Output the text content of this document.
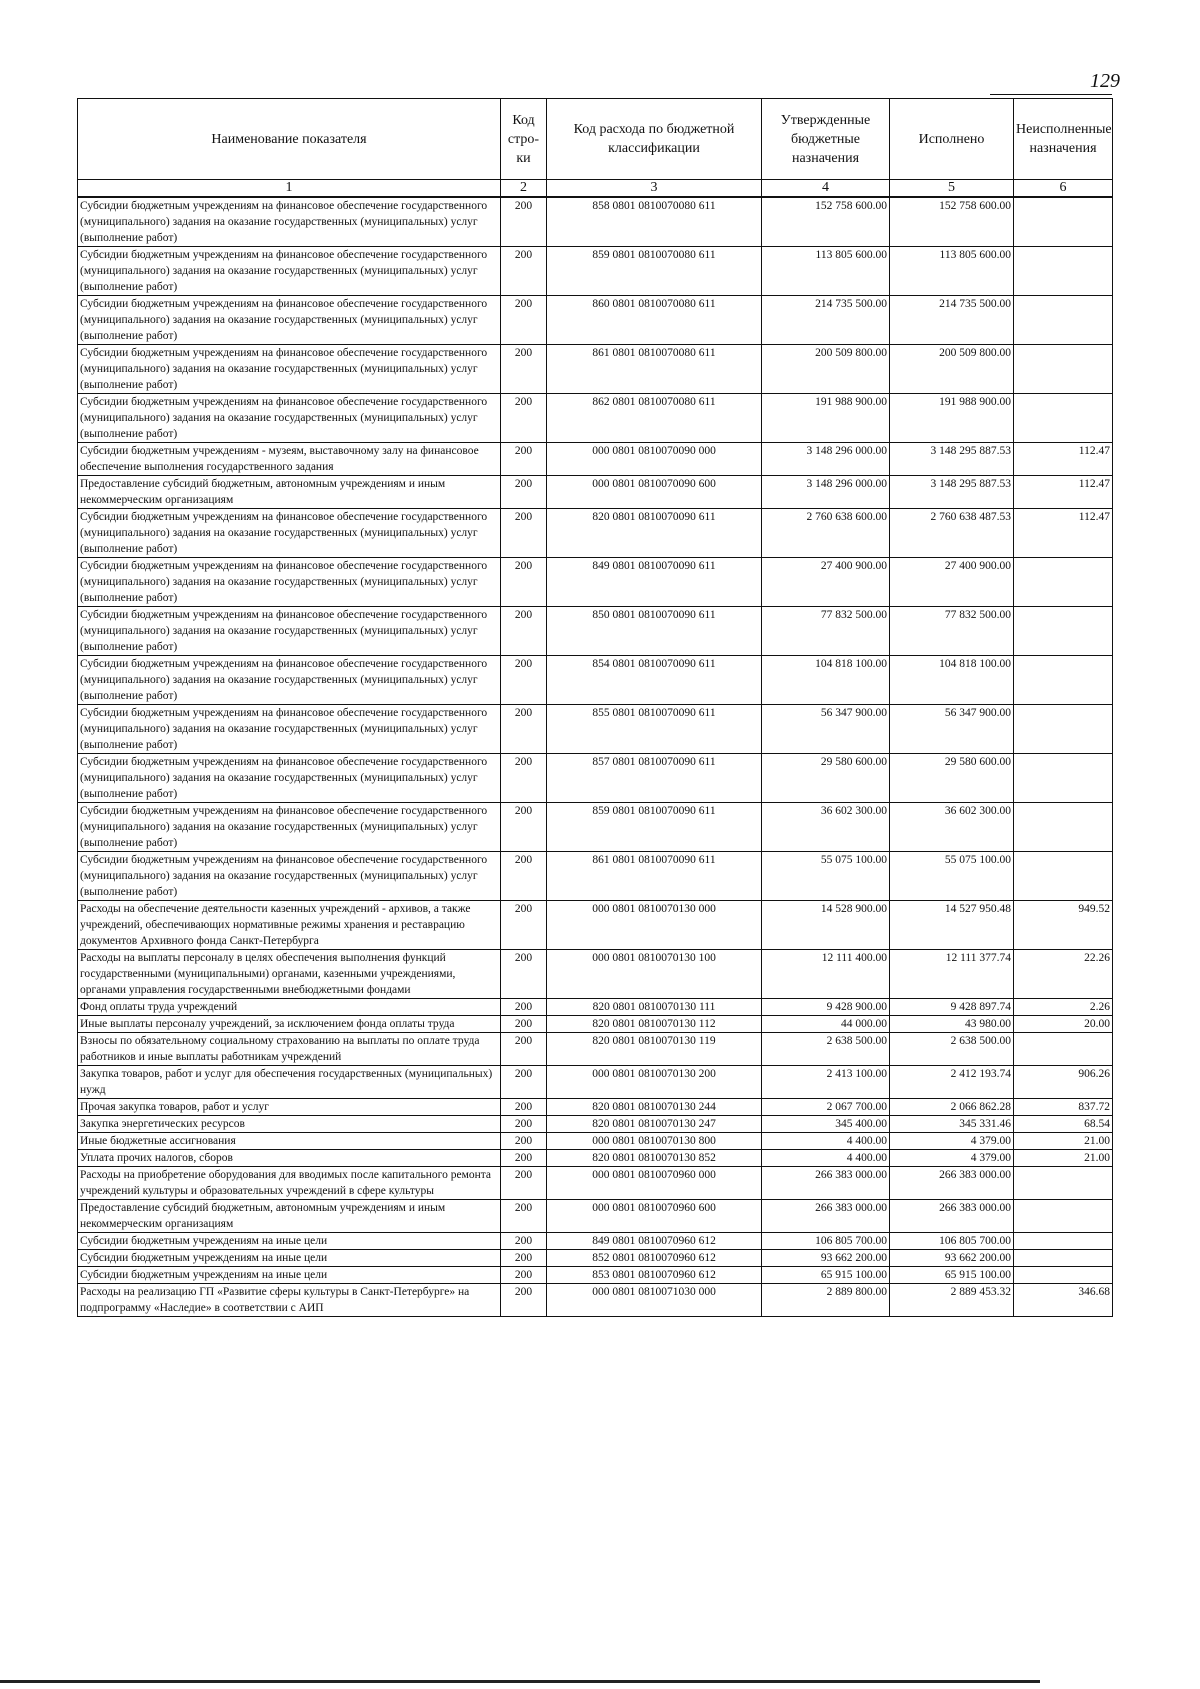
129
Наименование показателя	Код стро-ки	Код расхода по бюджетной классификации	Утвержденные бюджетные назначения	Исполнено	Неисполненные назначения
1	2	3	4	5	6
Субсидии бюджетным учреждениям на финансовое обеспечение государственного (муниципального) задания на оказание государственных (муниципальных) услуг (выполнение работ)	200	858 0801 0810070080 611	152 758 600.00	152 758 600.00	
Субсидии бюджетным учреждениям на финансовое обеспечение государственного (муниципального) задания на оказание государственных (муниципальных) услуг (выполнение работ)	200	859 0801 0810070080 611	113 805 600.00	113 805 600.00	
Субсидии бюджетным учреждениям на финансовое обеспечение государственного (муниципального) задания на оказание государственных (муниципальных) услуг (выполнение работ)	200	860 0801 0810070080 611	214 735 500.00	214 735 500.00	
Субсидии бюджетным учреждениям на финансовое обеспечение государственного (муниципального) задания на оказание государственных (муниципальных) услуг (выполнение работ)	200	861 0801 0810070080 611	200 509 800.00	200 509 800.00	
Субсидии бюджетным учреждениям на финансовое обеспечение государственного (муниципального) задания на оказание государственных (муниципальных) услуг (выполнение работ)	200	862 0801 0810070080 611	191 988 900.00	191 988 900.00	
Субсидии бюджетным учреждениям - музеям, выставочному залу на финансовое обеспечение выполнения государственного задания	200	000 0801 0810070090 000	3 148 296 000.00	3 148 295 887.53	112.47
Предоставление субсидий бюджетным, автономным учреждениям и иным некоммерческим организациям	200	000 0801 0810070090 600	3 148 296 000.00	3 148 295 887.53	112.47
Субсидии бюджетным учреждениям на финансовое обеспечение государственного (муниципального) задания на оказание государственных (муниципальных) услуг (выполнение работ)	200	820 0801 0810070090 611	2 760 638 600.00	2 760 638 487.53	112.47
Субсидии бюджетным учреждениям на финансовое обеспечение государственного (муниципального) задания на оказание государственных (муниципальных) услуг (выполнение работ)	200	849 0801 0810070090 611	27 400 900.00	27 400 900.00	
Субсидии бюджетным учреждениям на финансовое обеспечение государственного (муниципального) задания на оказание государственных (муниципальных) услуг (выполнение работ)	200	850 0801 0810070090 611	77 832 500.00	77 832 500.00	
Субсидии бюджетным учреждениям на финансовое обеспечение государственного (муниципального) задания на оказание государственных (муниципальных) услуг (выполнение работ)	200	854 0801 0810070090 611	104 818 100.00	104 818 100.00	
Субсидии бюджетным учреждениям на финансовое обеспечение государственного (муниципального) задания на оказание государственных (муниципальных) услуг (выполнение работ)	200	855 0801 0810070090 611	56 347 900.00	56 347 900.00	
Субсидии бюджетным учреждениям на финансовое обеспечение государственного (муниципального) задания на оказание государственных (муниципальных) услуг (выполнение работ)	200	857 0801 0810070090 611	29 580 600.00	29 580 600.00	
Субсидии бюджетным учреждениям на финансовое обеспечение государственного (муниципального) задания на оказание государственных (муниципальных) услуг (выполнение работ)	200	859 0801 0810070090 611	36 602 300.00	36 602 300.00	
Субсидии бюджетным учреждениям на финансовое обеспечение государственного (муниципального) задания на оказание государственных (муниципальных) услуг (выполнение работ)	200	861 0801 0810070090 611	55 075 100.00	55 075 100.00	
Расходы на обеспечение деятельности казенных учреждений - архивов, а также учреждений, обеспечивающих нормативные режимы хранения и реставрацию документов Архивного фонда Санкт-Петербурга	200	000 0801 0810070130 000	14 528 900.00	14 527 950.48	949.52
Расходы на выплаты персоналу в целях обеспечения выполнения функций государственными (муниципальными) органами, казенными учреждениями, органами управления государственными внебюджетными фондами	200	000 0801 0810070130 100	12 111 400.00	12 111 377.74	22.26
Фонд оплаты труда учреждений	200	820 0801 0810070130 111	9 428 900.00	9 428 897.74	2.26
Иные выплаты персоналу учреждений, за исключением фонда оплаты труда	200	820 0801 0810070130 112	44 000.00	43 980.00	20.00
Взносы по обязательному социальному страхованию на выплаты по оплате труда работников и иные выплаты работникам учреждений	200	820 0801 0810070130 119	2 638 500.00	2 638 500.00	
Закупка товаров, работ и услуг для обеспечения государственных (муниципальных) нужд	200	000 0801 0810070130 200	2 413 100.00	2 412 193.74	906.26
Прочая закупка товаров, работ и услуг	200	820 0801 0810070130 244	2 067 700.00	2 066 862.28	837.72
Закупка энергетических ресурсов	200	820 0801 0810070130 247	345 400.00	345 331.46	68.54
Иные бюджетные ассигнования	200	000 0801 0810070130 800	4 400.00	4 379.00	21.00
Уплата прочих налогов, сборов	200	820 0801 0810070130 852	4 400.00	4 379.00	21.00
Расходы на приобретение оборудования для вводимых после капитального ремонта учреждений культуры и образовательных учреждений в сфере культуры	200	000 0801 0810070960 000	266 383 000.00	266 383 000.00	
Предоставление субсидий бюджетным, автономным учреждениям и иным некоммерческим организациям	200	000 0801 0810070960 600	266 383 000.00	266 383 000.00	
Субсидии бюджетным учреждениям на иные цели	200	849 0801 0810070960 612	106 805 700.00	106 805 700.00	
Субсидии бюджетным учреждениям на иные цели	200	852 0801 0810070960 612	93 662 200.00	93 662 200.00	
Субсидии бюджетным учреждениям на иные цели	200	853 0801 0810070960 612	65 915 100.00	65 915 100.00	
Расходы на реализацию ГП «Развитие сферы культуры в Санкт-Петербурге» на подпрограмму «Наследие» в соответствии с АИП	200	000 0801 0810071030 000	2 889 800.00	2 889 453.32	346.68
